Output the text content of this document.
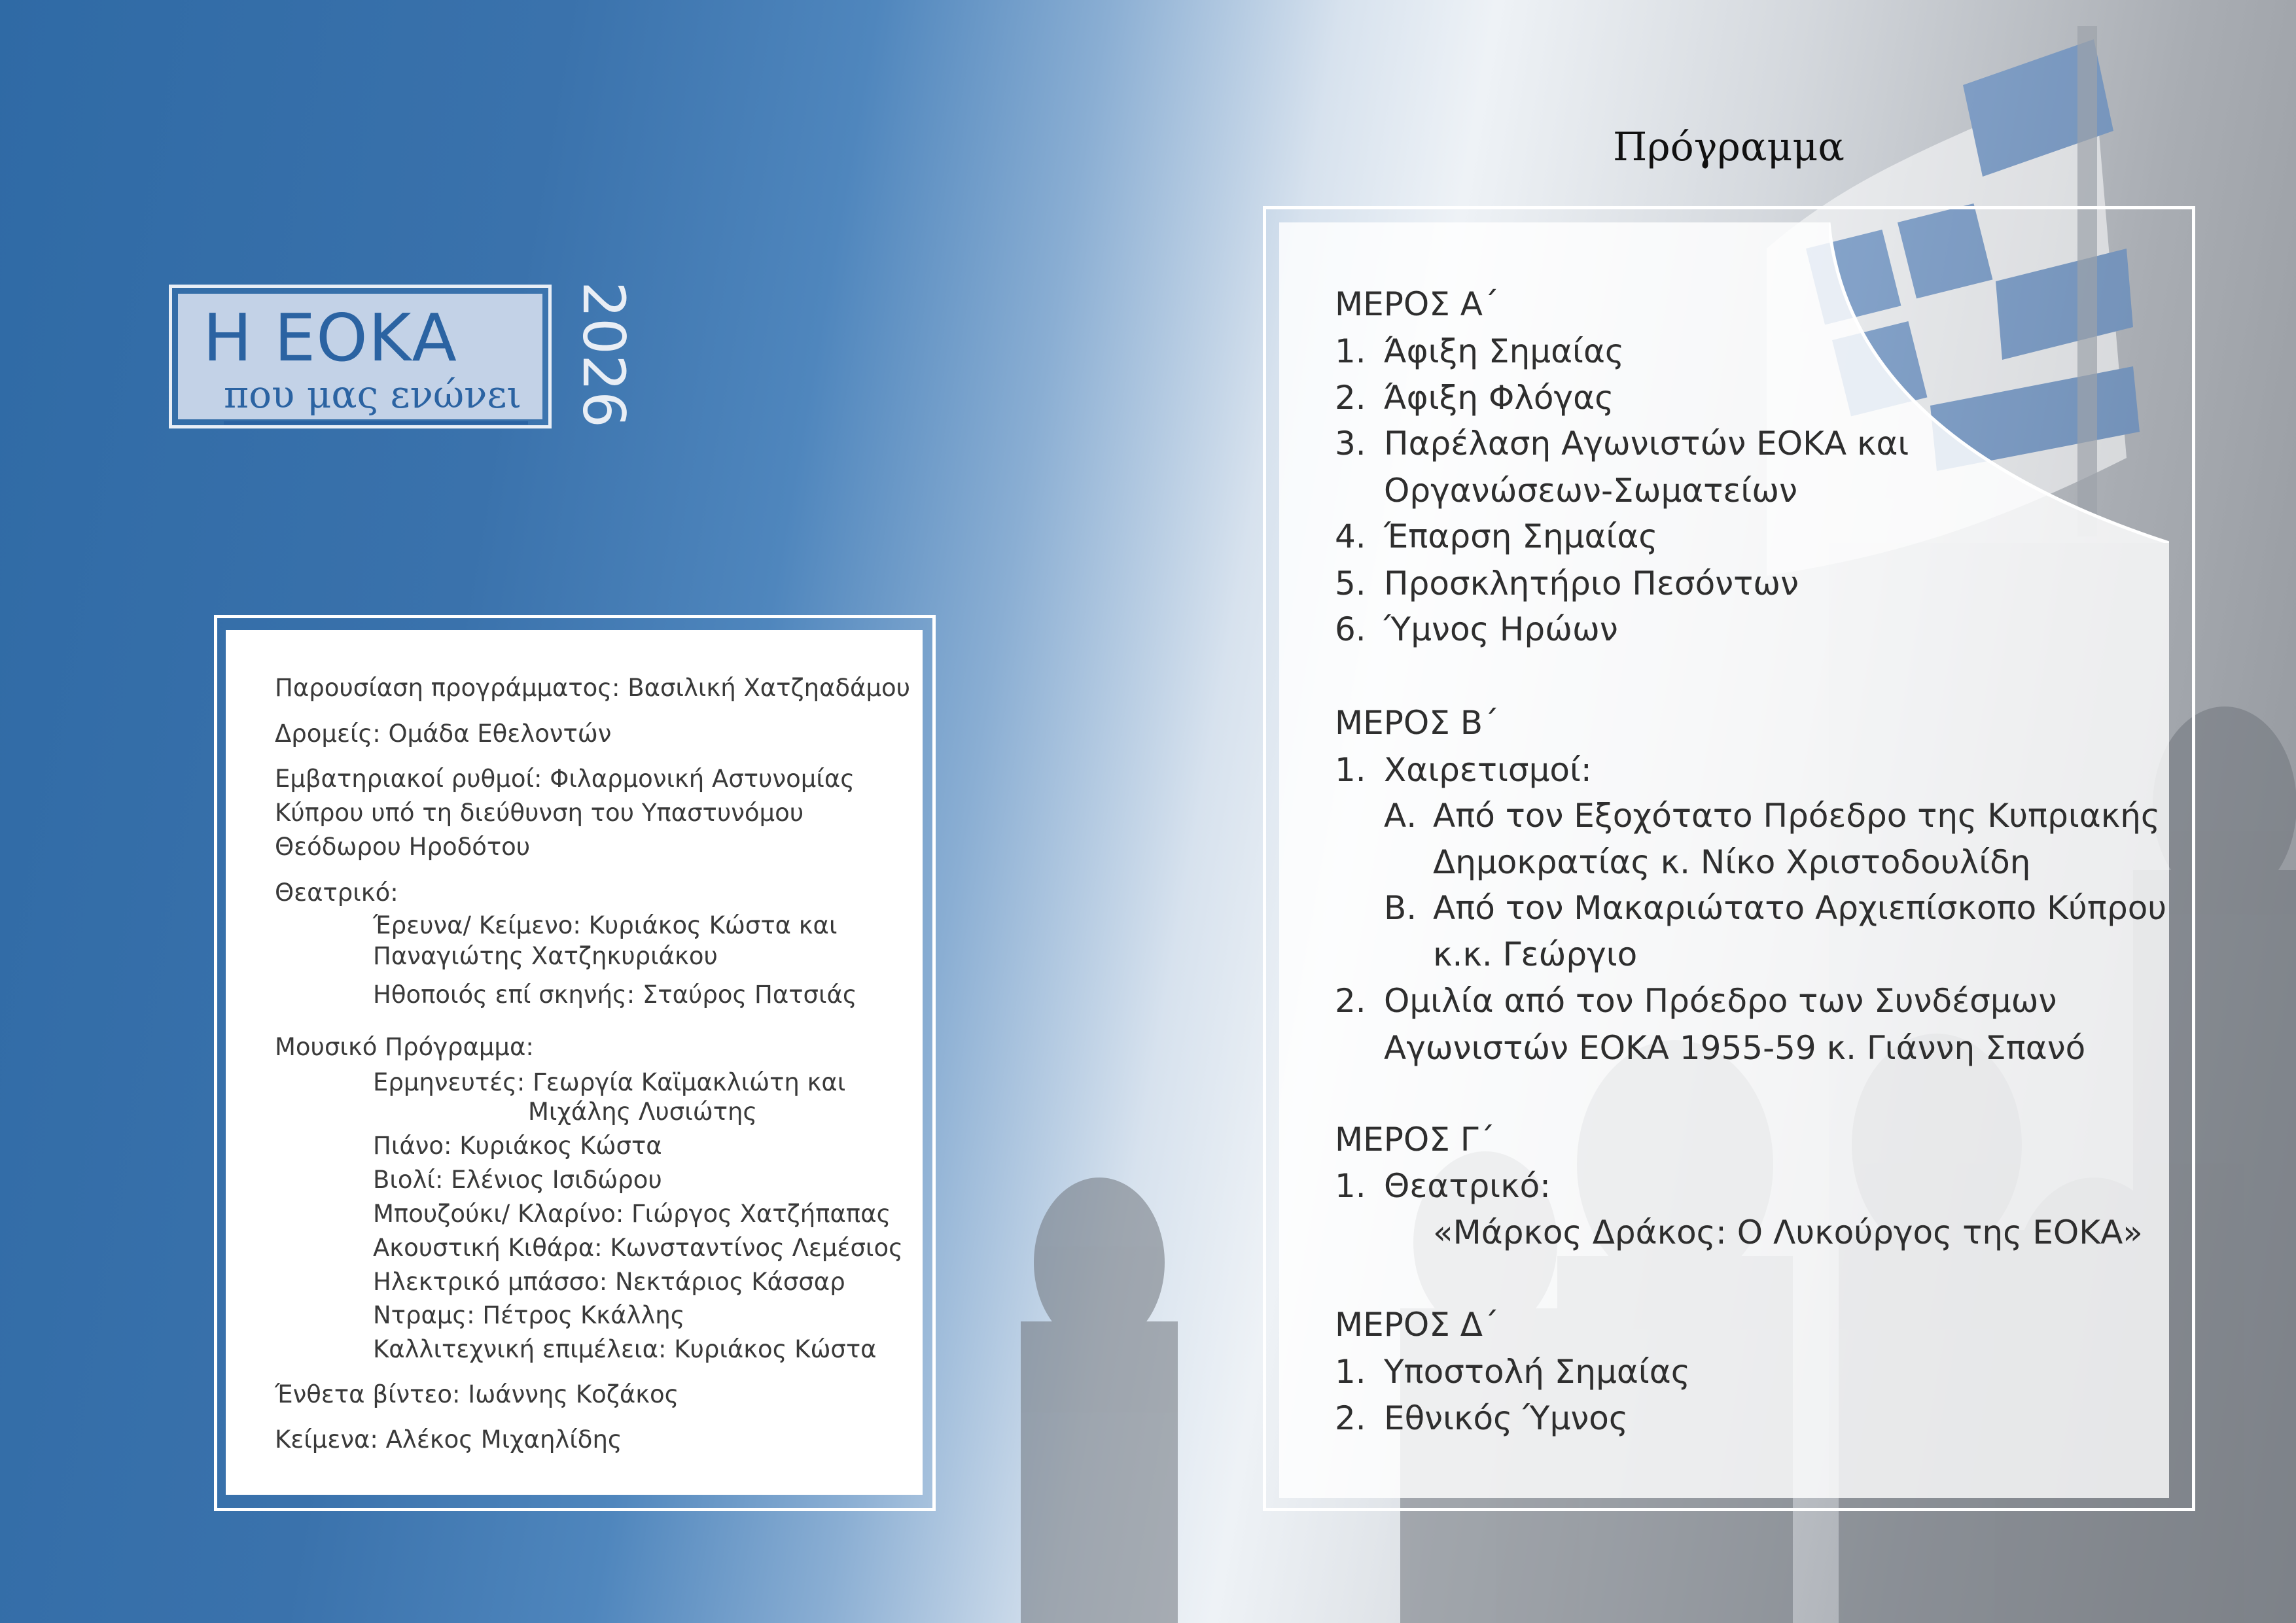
Η ΕΟΚΑ
που μας ενώνει 2026
Παρουσίαση προγράμματος: Βασιλική Χατζηαδάμου
Δρομείς: Ομάδα Εθελοντών
Εμβατηριακοί ρυθμοί: Φιλαρμονική Αστυνομίας
Κύπρου υπό τη διεύθυνση του Υπαστυνόμου
Θεόδωρου Ηροδότου
Θεατρικό:
Έρευνα/ Κείμενο: Κυριάκος Κώστα και
Παναγιώτης Χατζηκυριάκου
Ηθοποιός επί σκηνής: Σταύρος Πατσιάς
Μουσικό Πρόγραμμα:
Ερμηνευτές: Γεωργία Καϊμακλιώτη και
Μιχάλης Λυσιώτης
Πιάνο: Κυριάκος Κώστα
Βιολί: Ελένιος Ισιδώρου
Μπουζούκι/ Κλαρίνο: Γιώργος Χατζήπαπας
Ακουστική Κιθάρα: Κωνσταντίνος Λεμέσιος
Ηλεκτρικό μπάσσο: Νεκτάριος Κάσσαρ
Ντραμς: Πέτρος Κκάλλης
Καλλιτεχνική επιμέλεια: Κυριάκος Κώστα
Ένθετα βίντεο: Ιωάννης Κοζάκος
Κείμενα: Αλέκος Μιχαηλίδης
Πρόγραμμα
ΜΕΡΟΣ Α΄
1. Άφιξη Σημαίας
2. Άφιξη Φλόγας
3. Παρέλαση Αγωνιστών ΕΟΚΑ και
Οργανώσεων-Σωματείων
4. Έπαρση Σημαίας
5. Προσκλητήριο Πεσόντων
6. Ύμνος Ηρώων
ΜΕΡΟΣ Β΄
1. Χαιρετισμοί:
Α. Από τον Εξοχότατο Πρόεδρο της Κυπριακής
Δημοκρατίας κ. Νίκο Χριστοδουλίδη
Β. Από τον Μακαριώτατο Αρχιεπίσκοπο Κύπρου
κ.κ. Γεώργιο
2. Ομιλία από τον Πρόεδρο των Συνδέσμων
Αγωνιστών ΕΟΚΑ 1955-59 κ. Γιάννη Σπανό
ΜΕΡΟΣ Γ΄
1. Θεατρικό:
«Μάρκος Δράκος: Ο Λυκούργος της ΕΟΚΑ»
ΜΕΡΟΣ Δ΄
1. Υποστολή Σημαίας
2. Εθνικός Ύμνος
